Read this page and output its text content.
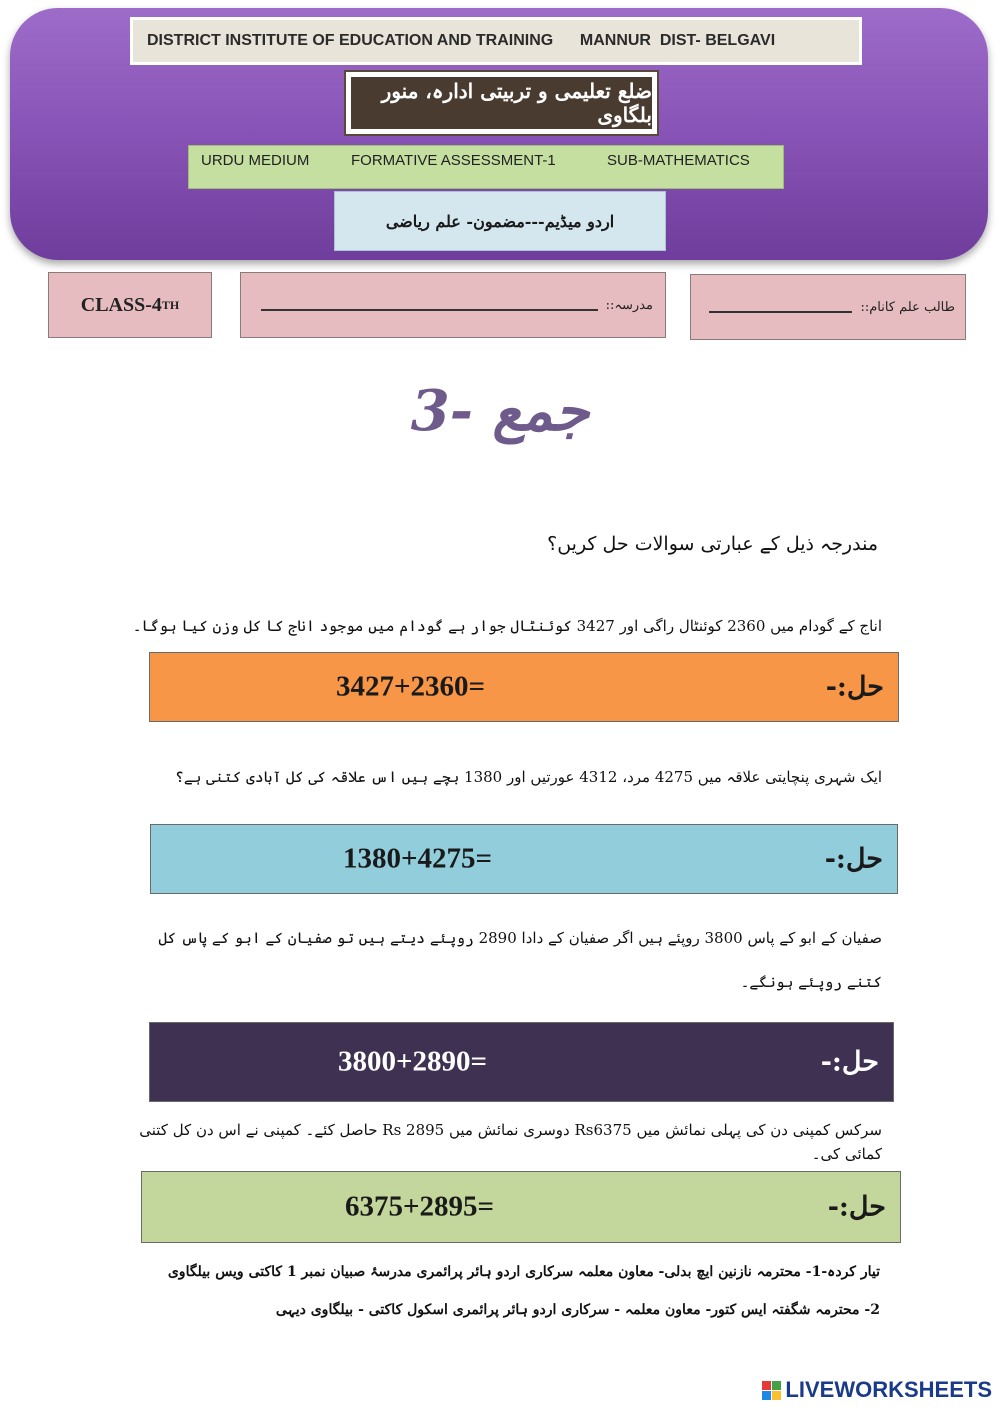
DISTRICT INSTITUTE OF EDUCATION AND TRAINING      MANNUR  DIST- BELGAVI
ضلع تعلیمی و تربیتی ادارہ، منور بلگاوی
URDU MEDIUM	FORMATIVE ASSESSMENT-1	SUB-MATHEMATICS
اردو میڈیم---مضمون- علم ریاضی
CLASS-4 TH	مدرسہ::	طالب علم کانام::
3- جمع
مندرجہ ذیل کے عبارتی سوالات حل کریں؟
اناج کے گودام میں 2360 کوئنٹال راگی اور 3427 کوئنٹال جوار ہے گودام میں موجود اناج کا کل وزن کیا ہوگا۔
3427+2360=	حل:-
ایک شہری پنچایتی علاقہ میں 4275 مرد، 4312 عورتیں اور 1380 بچے ہیں اس علاقہ کی کل آبادی کتنی ہے؟
1380+4275=	حل:-
صفیان کے ابو کے پاس 3800 روپئے ہیں اگر صفیان کے دادا 2890 روپئے دیتے ہیں تو صفیان کے ابو کے پاس کل کتنے روپئے ہونگے۔
3800+2890=	حل:-
سرکس کمپنی دن کی پہلی نمائش میں Rs6375 دوسری نمائش میں Rs 2895 حاصل کئے۔ کمپنی نے اس دن کل کتنی کمائی کی۔
6375+2895=	حل:-
تیار کردہ-1- محترمہ نازنین ایچ بدلی- معاون معلمہ سرکاری اردو ہائر پرائمری مدرسۂ صبیان نمبر 1 کاکتی ویس بیلگاوی
2- محترمہ شگفتہ ایس کتور- معاون معلمہ - سرکاری اردو ہائر پرائمری اسکول کاکتی - بیلگاوی دیہی
LIVEWORKSHEETS
